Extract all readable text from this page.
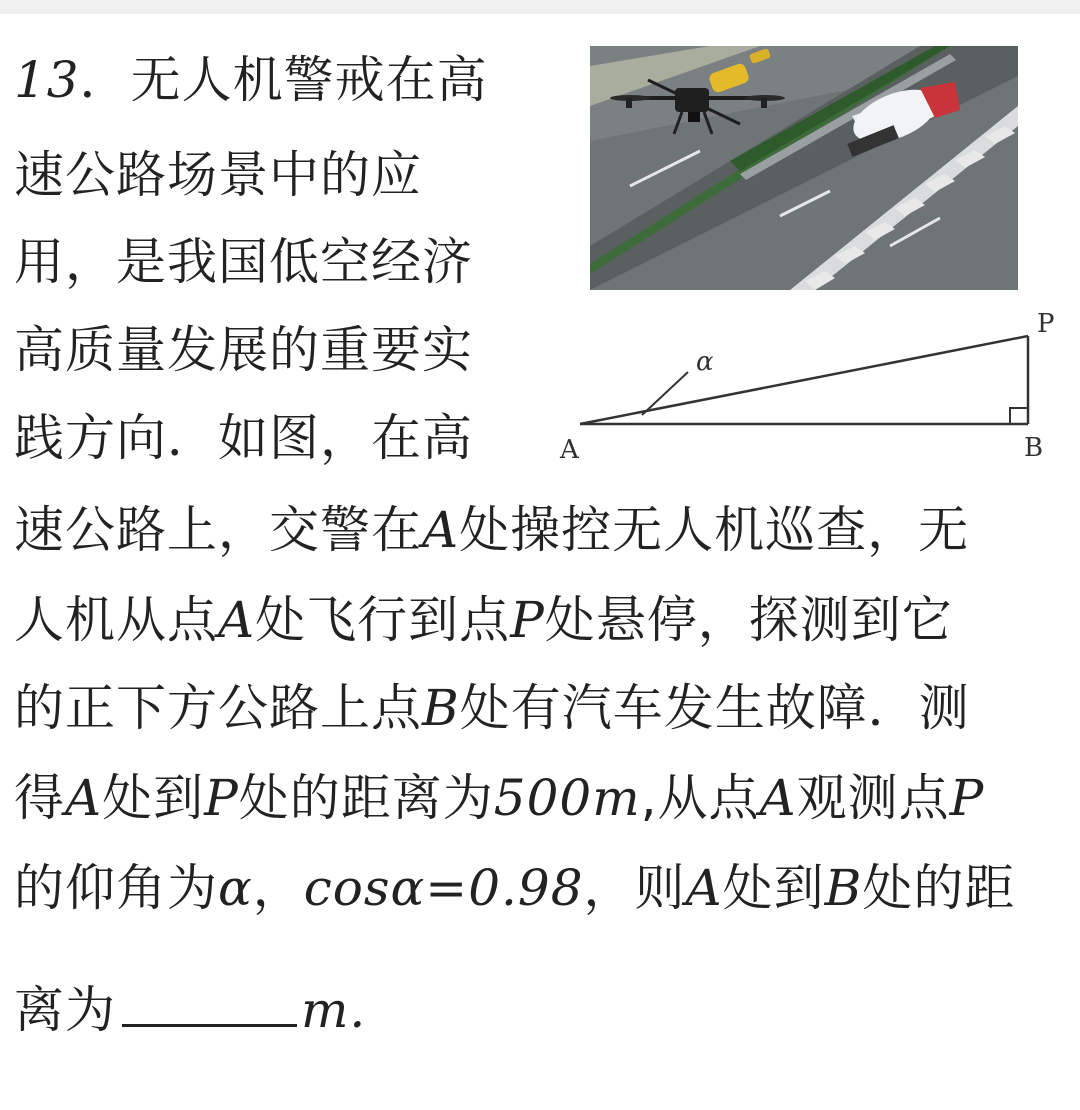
13．无人机警戒在高
速公路场景中的应
用，是我国低空经济
高质量发展的重要实
践方向．如图，在高
速公路上，交警在A处操控无人机巡查，无
人机从点A处飞行到点P处悬停，探测到它
的正下方公路上点B处有汽车发生故障．测
得A处到P处的距离为500m,从点A观测点P
的仰角为α，cosα=0.98，则A处到B处的距
离为	m.
A	B
P
α
